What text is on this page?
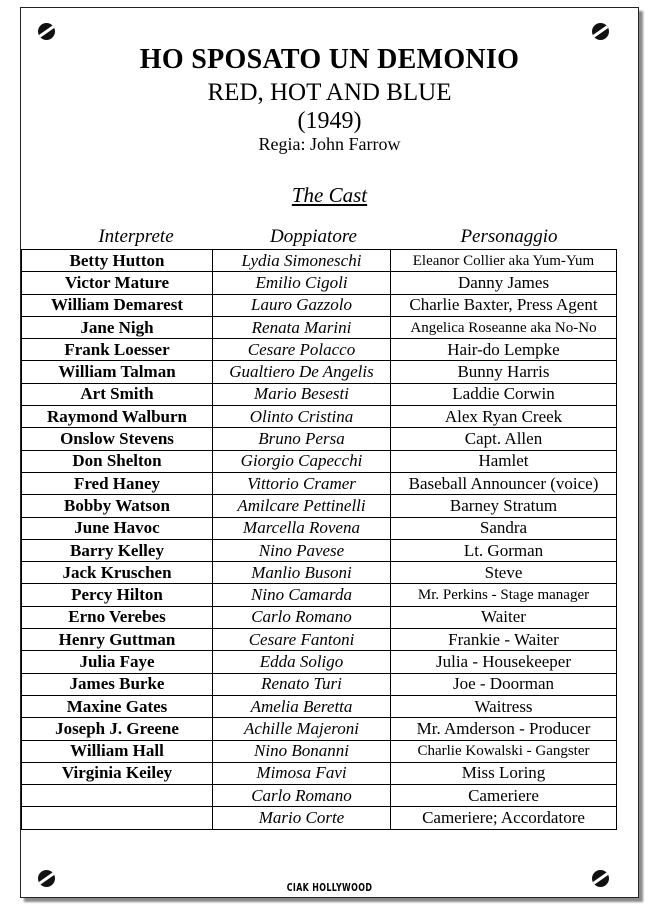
HO SPOSATO UN DEMONIO
RED, HOT AND BLUE
(1949)
Regia: John Farrow
The Cast
Interprete	Doppiatore	Personaggio
Betty Hutton	Lydia Simoneschi	Eleanor Collier aka Yum-Yum
Victor Mature	Emilio Cigoli	Danny James
William Demarest	Lauro Gazzolo	Charlie Baxter, Press Agent
Jane Nigh	Renata Marini	Angelica Roseanne aka No-No
Frank Loesser	Cesare Polacco	Hair-do Lempke
William Talman	Gualtiero De Angelis	Bunny Harris
Art Smith	Mario Besesti	Laddie Corwin
Raymond Walburn	Olinto Cristina	Alex Ryan Creek
Onslow Stevens	Bruno Persa	Capt. Allen
Don Shelton	Giorgio Capecchi	Hamlet
Fred Haney	Vittorio Cramer	Baseball Announcer (voice)
Bobby Watson	Amilcare Pettinelli	Barney Stratum
June Havoc	Marcella Rovena	Sandra
Barry Kelley	Nino Pavese	Lt. Gorman
Jack Kruschen	Manlio Busoni	Steve
Percy Hilton	Nino Camarda	Mr. Perkins - Stage manager
Erno Verebes	Carlo Romano	Waiter
Henry Guttman	Cesare Fantoni	Frankie - Waiter
Julia Faye	Edda Soligo	Julia - Housekeeper
James Burke	Renato Turi	Joe - Doorman
Maxine Gates	Amelia Beretta	Waitress
Joseph J. Greene	Achille Majeroni	Mr. Amderson - Producer
William Hall	Nino Bonanni	Charlie Kowalski - Gangster
Virginia Keiley	Mimosa Favi	Miss Loring
	Carlo Romano	Cameriere
	Mario Corte	Cameriere; Accordatore
CIAK HOLLYWOOD
